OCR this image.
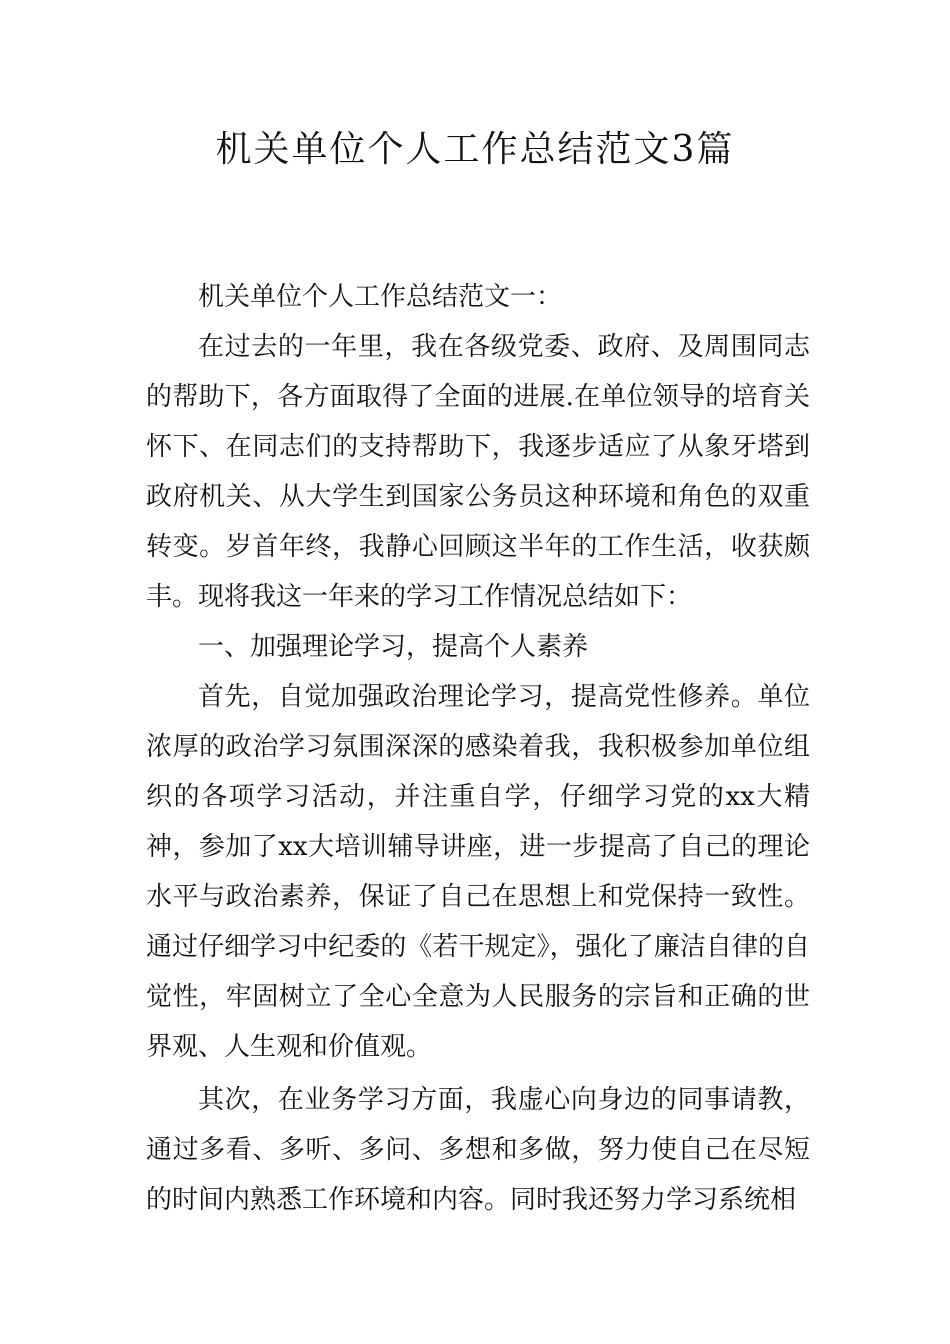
机关单位个人工作总结范文3篇

机关单位个人工作总结范文一：

在过去的一年里，我在各级党委、政府、及周围同志的帮助下，各方面取得了全面的进展.在单位领导的培育关怀下、在同志们的支持帮助下，我逐步适应了从象牙塔到政府机关、从大学生到国家公务员这种环境和角色的双重转变。岁首年终，我静心回顾这半年的工作生活，收获颇丰。现将我这一年来的学习工作情况总结如下：

一、加强理论学习，提高个人素养

首先，自觉加强政治理论学习，提高党性修养。单位浓厚的政治学习氛围深深的感染着我，我积极参加单位组织的各项学习活动，并注重自学，仔细学习党的xx大精神，参加了xx大培训辅导讲座，进一步提高了自己的理论水平与政治素养，保证了自己在思想上和党保持一致性。通过仔细学习中纪委的《若干规定》，强化了廉洁自律的自觉性，牢固树立了全心全意为人民服务的宗旨和正确的世界观、人生观和价值观。

其次，在业务学习方面，我虚心向身边的同事请教，通过多看、多听、多问、多想和多做，努力使自己在尽短的时间内熟悉工作环境和内容。同时我还努力学习系统相
